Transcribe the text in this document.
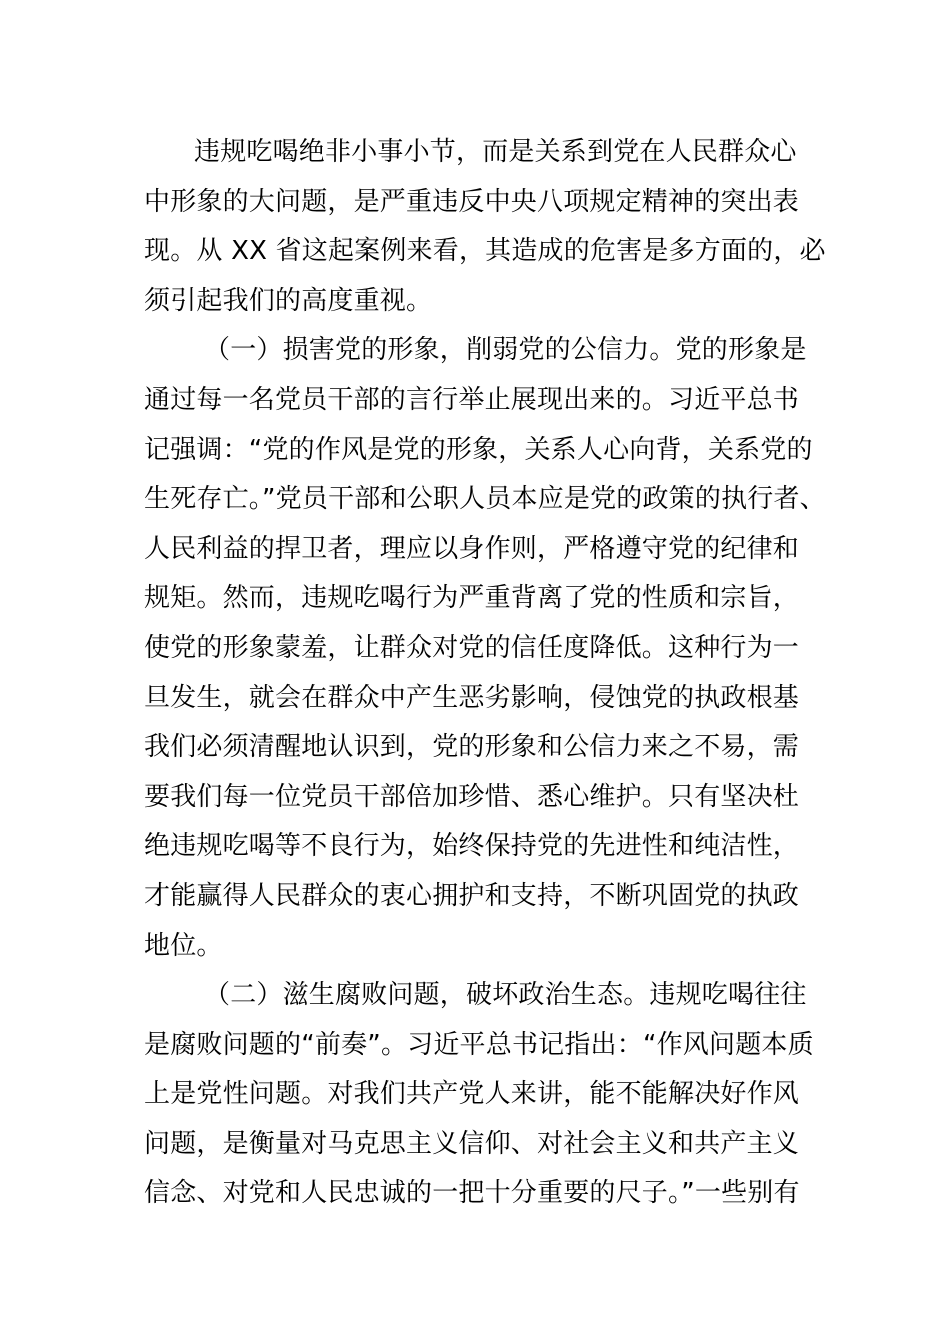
违规吃喝绝非小事小节，而是关系到党在人民群众心
中形象的大问题，是严重违反中央八项规定精神的突出表
现。从 XX 省这起案例来看，其造成的危害是多方面的，必
须引起我们的高度重视。
（一）损害党的形象，削弱党的公信力。党的形象是
通过每一名党员干部的言行举止展现出来的。习近平总书
记强调：“党的作风是党的形象，关系人心向背，关系党的
生死存亡。”党员干部和公职人员本应是党的政策的执行者、
人民利益的捍卫者，理应以身作则，严格遵守党的纪律和
规矩。然而，违规吃喝行为严重背离了党的性质和宗旨，
使党的形象蒙羞，让群众对党的信任度降低。这种行为一
旦发生，就会在群众中产生恶劣影响，侵蚀党的执政根基
我们必须清醒地认识到，党的形象和公信力来之不易，需
要我们每一位党员干部倍加珍惜、悉心维护。只有坚决杜
绝违规吃喝等不良行为，始终保持党的先进性和纯洁性，
才能赢得人民群众的衷心拥护和支持，不断巩固党的执政
地位。
（二）滋生腐败问题，破坏政治生态。违规吃喝往往
是腐败问题的“前奏”。习近平总书记指出：“作风问题本质
上是党性问题。对我们共产党人来讲，能不能解决好作风
问题，是衡量对马克思主义信仰、对社会主义和共产主义
信念、对党和人民忠诚的一把十分重要的尺子。”一些别有
